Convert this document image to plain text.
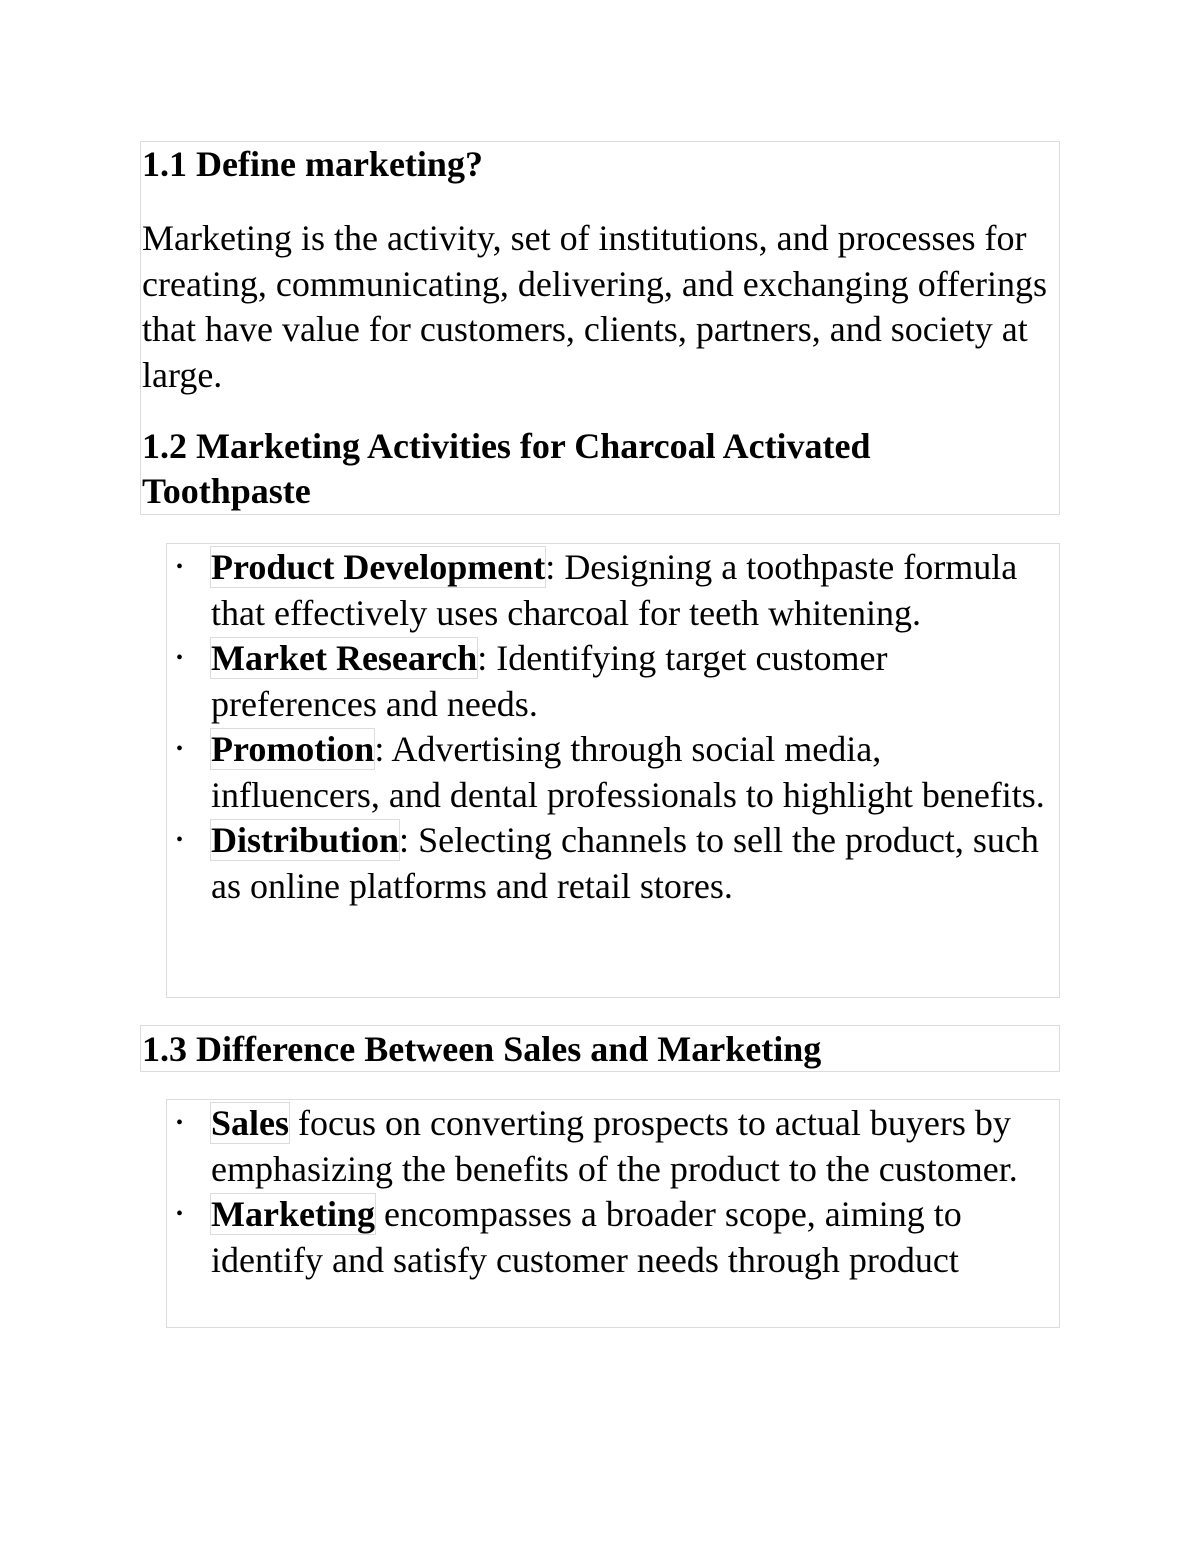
1.1 Define marketing?

Marketing is the activity, set of institutions, and processes for creating, communicating, delivering, and exchanging offerings that have value for customers, clients, partners, and society at large.

1.2 Marketing Activities for Charcoal Activated Toothpaste
• Product Development: Designing a toothpaste formula that effectively uses charcoal for teeth whitening.
• Market Research: Identifying target customer preferences and needs.
• Promotion: Advertising through social media, influencers, and dental professionals to highlight benefits.
• Distribution: Selecting channels to sell the product, such as online platforms and retail stores.
1.3 Difference Between Sales and Marketing
• Sales focus on converting prospects to actual buyers by emphasizing the benefits of the product to the customer.
• Marketing encompasses a broader scope, aiming to identify and satisfy customer needs through product
